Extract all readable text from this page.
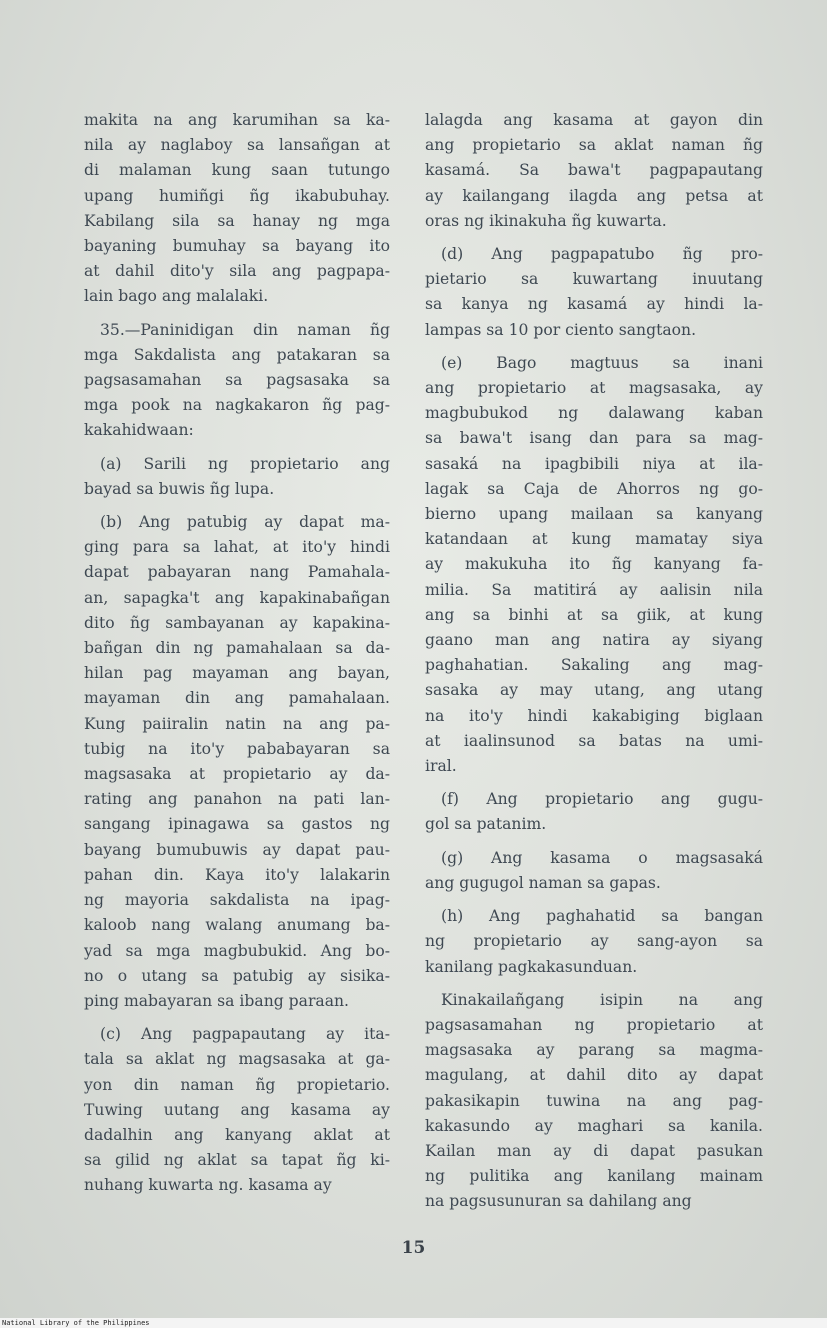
makita na ang karumihan sa ka-
nila ay naglaboy sa lansañgan at
di malaman kung saan tutungo
upang humiñgi ñg ikabubuhay.
Kabilang sila sa hanay ng mga
bayaning bumuhay sa bayang ito
at dahil dito'y sila ang pagpapa-
lain bago ang malalaki.
35.—Paninidigan din naman ñg
mga Sakdalista ang patakaran sa
pagsasamahan sa pagsasaka sa
mga pook na nagkakaron ñg pag-
kakahidwaan:
(a) Sarili ng propietario ang
bayad sa buwis ñg lupa.
(b) Ang patubig ay dapat ma-
ging para sa lahat, at ito'y hindi
dapat pabayaran nang Pamahala-
an, sapagka't ang kapakinabañgan
dito ñg sambayanan ay kapakina-
bañgan din ng pamahalaan sa da-
hilan pag mayaman ang bayan,
mayaman din ang pamahalaan.
Kung paiiralin natin na ang pa-
tubig na ito'y pababayaran sa
magsasaka at propietario ay da-
rating ang panahon na pati lan-
sangang ipinagawa sa gastos ng
bayang bumubuwis ay dapat pau-
pahan din. Kaya ito'y lalakarin
ng mayoria sakdalista na ipag-
kaloob nang walang anumang ba-
yad sa mga magbubukid. Ang bo-
no o utang sa patubig ay sisika-
ping mabayaran sa ibang paraan.
(c) Ang pagpapautang ay ita-
tala sa aklat ng magsasaka at ga-
yon din naman ñg propietario.
Tuwing uutang ang kasama ay
dadalhin ang kanyang aklat at
sa gilid ng aklat sa tapat ñg ki-
nuhang kuwarta ng. kasama ay
lalagda ang kasama at gayon din
ang propietario sa aklat naman ñg
kasamá. Sa bawa't pagpapautang
ay kailangang ilagda ang petsa at
oras ng ikinakuha ñg kuwarta.
(d) Ang pagpapatubo ñg pro-
pietario sa kuwartang inuutang
sa kanya ng kasamá ay hindi la-
lampas sa 10 por ciento sangtaon.
(e) Bago magtuus sa inani
ang propietario at magsasaka, ay
magbubukod ng dalawang kaban
sa bawa't isang dan para sa mag-
sasaká na ipagbibili niya at ila-
lagak sa Caja de Ahorros ng go-
bierno upang mailaan sa kanyang
katandaan at kung mamatay siya
ay makukuha ito ñg kanyang fa-
milia. Sa matitirá ay aalisin nila
ang sa binhi at sa giik, at kung
gaano man ang natira ay siyang
paghahatian. Sakaling ang mag-
sasaka ay may utang, ang utang
na ito'y hindi kakabiging biglaan
at iaalinsunod sa batas na umi-
iral.
(f) Ang propietario ang gugu-
gol sa patanim.
(g) Ang kasama o magsasaká
ang gugugol naman sa gapas.
(h) Ang paghahatid sa bangan
ng propietario ay sang-ayon sa
kanilang pagkakasunduan.
Kinakailañgang isipin na ang
pagsasamahan ng propietario at
magsasaka ay parang sa magma-
magulang, at dahil dito ay dapat
pakasikapin tuwina na ang pag-
kakasundo ay maghari sa kanila.
Kailan man ay di dapat pasukan
ng pulitika ang kanilang mainam
na pagsusunuran sa dahilang ang
15
National Library of the Philippines
